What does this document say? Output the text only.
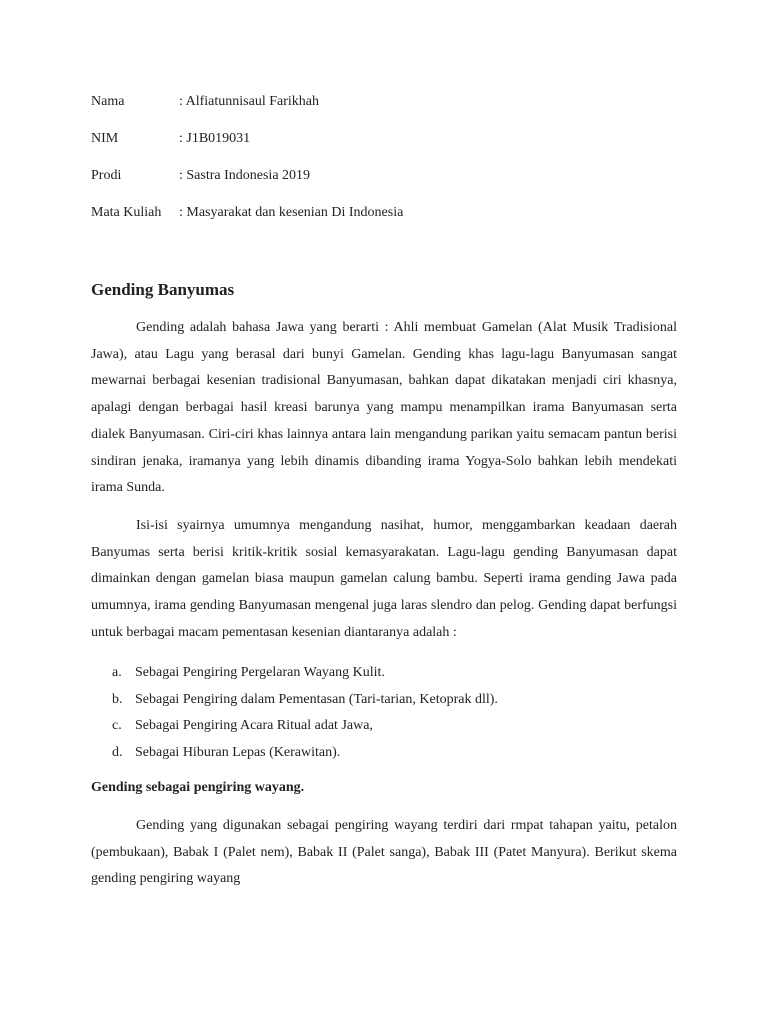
Nama	: Alfiatunnisaul Farikhah
NIM	: J1B019031
Prodi	: Sastra Indonesia 2019
Mata Kuliah	: Masyarakat dan kesenian Di Indonesia
Gending Banyumas

Gending adalah bahasa Jawa yang berarti : Ahli membuat Gamelan (Alat Musik Tradisional Jawa), atau Lagu yang berasal dari bunyi Gamelan. Gending khas lagu-lagu Banyumasan sangat mewarnai berbagai kesenian tradisional Banyumasan, bahkan dapat dikatakan menjadi ciri khasnya, apalagi dengan berbagai hasil kreasi barunya yang mampu menampilkan irama Banyumasan serta dialek Banyumasan. Ciri-ciri khas lainnya antara lain mengandung parikan yaitu semacam pantun berisi sindiran jenaka, iramanya yang lebih dinamis dibanding irama Yogya-Solo bahkan lebih mendekati irama Sunda.

Isi-isi syairnya umumnya mengandung nasihat, humor, menggambarkan keadaan daerah Banyumas serta berisi kritik-kritik sosial kemasyarakatan. Lagu-lagu gending Banyumasan dapat dimainkan dengan gamelan biasa maupun gamelan calung bambu. Seperti irama gending Jawa pada umumnya, irama gending Banyumasan mengenal juga laras slendro dan pelog. Gending dapat berfungsi untuk berbagai macam pementasan kesenian diantaranya adalah :

a. Sebagai Pengiring Pergelaran Wayang Kulit.
b. Sebagai Pengiring dalam Pementasan (Tari-tarian, Ketoprak dll).
c. Sebagai Pengiring Acara Ritual adat Jawa,
d. Sebagai Hiburan Lepas (Kerawitan).
Gending sebagai pengiring wayang.

Gending yang digunakan sebagai pengiring wayang terdiri dari rmpat tahapan yaitu, petalon (pembukaan), Babak I (Palet nem), Babak II (Palet sanga), Babak III (Patet Manyura). Berikut skema gending pengiring wayang
